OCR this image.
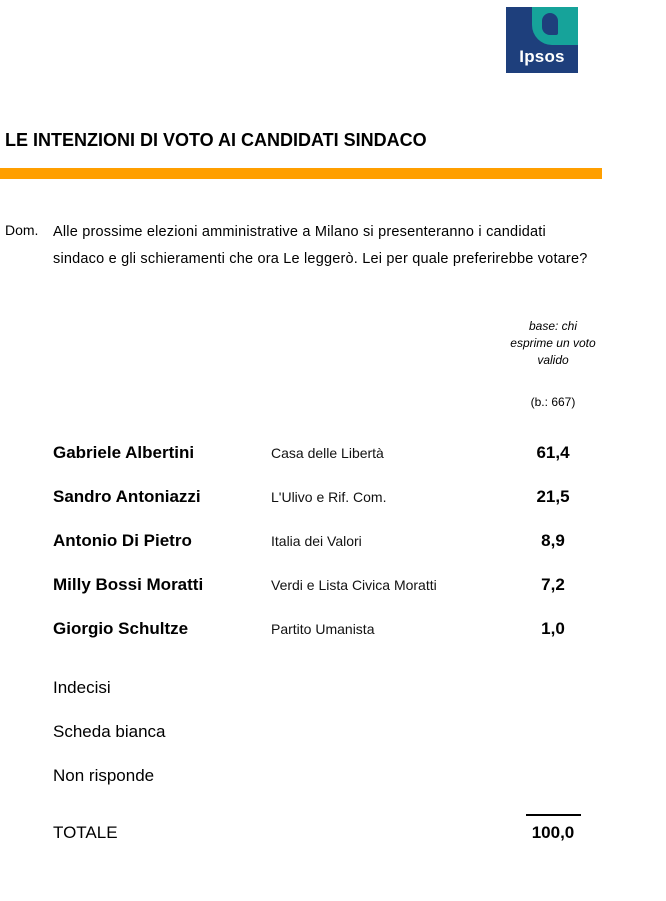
Ipsos
LE INTENZIONI DI VOTO AI CANDIDATI SINDACO
Dom. Alle prossime elezioni amministrative a Milano si presenteranno i candidati sindaco e gli schieramenti che ora Le leggerò. Lei per quale preferirebbe votare?
base: chi esprime un voto valido
(b.: 667)
Gabriele Albertini	Casa delle Libertà	61,4
Sandro Antoniazzi	L'Ulivo e Rif. Com.	21,5
Antonio Di Pietro	Italia dei Valori	8,9
Milly Bossi Moratti	Verdi e Lista Civica Moratti	7,2
Giorgio Schultze	Partito Umanista	1,0
Indecisi
Scheda bianca
Non risponde
TOTALE	100,0
